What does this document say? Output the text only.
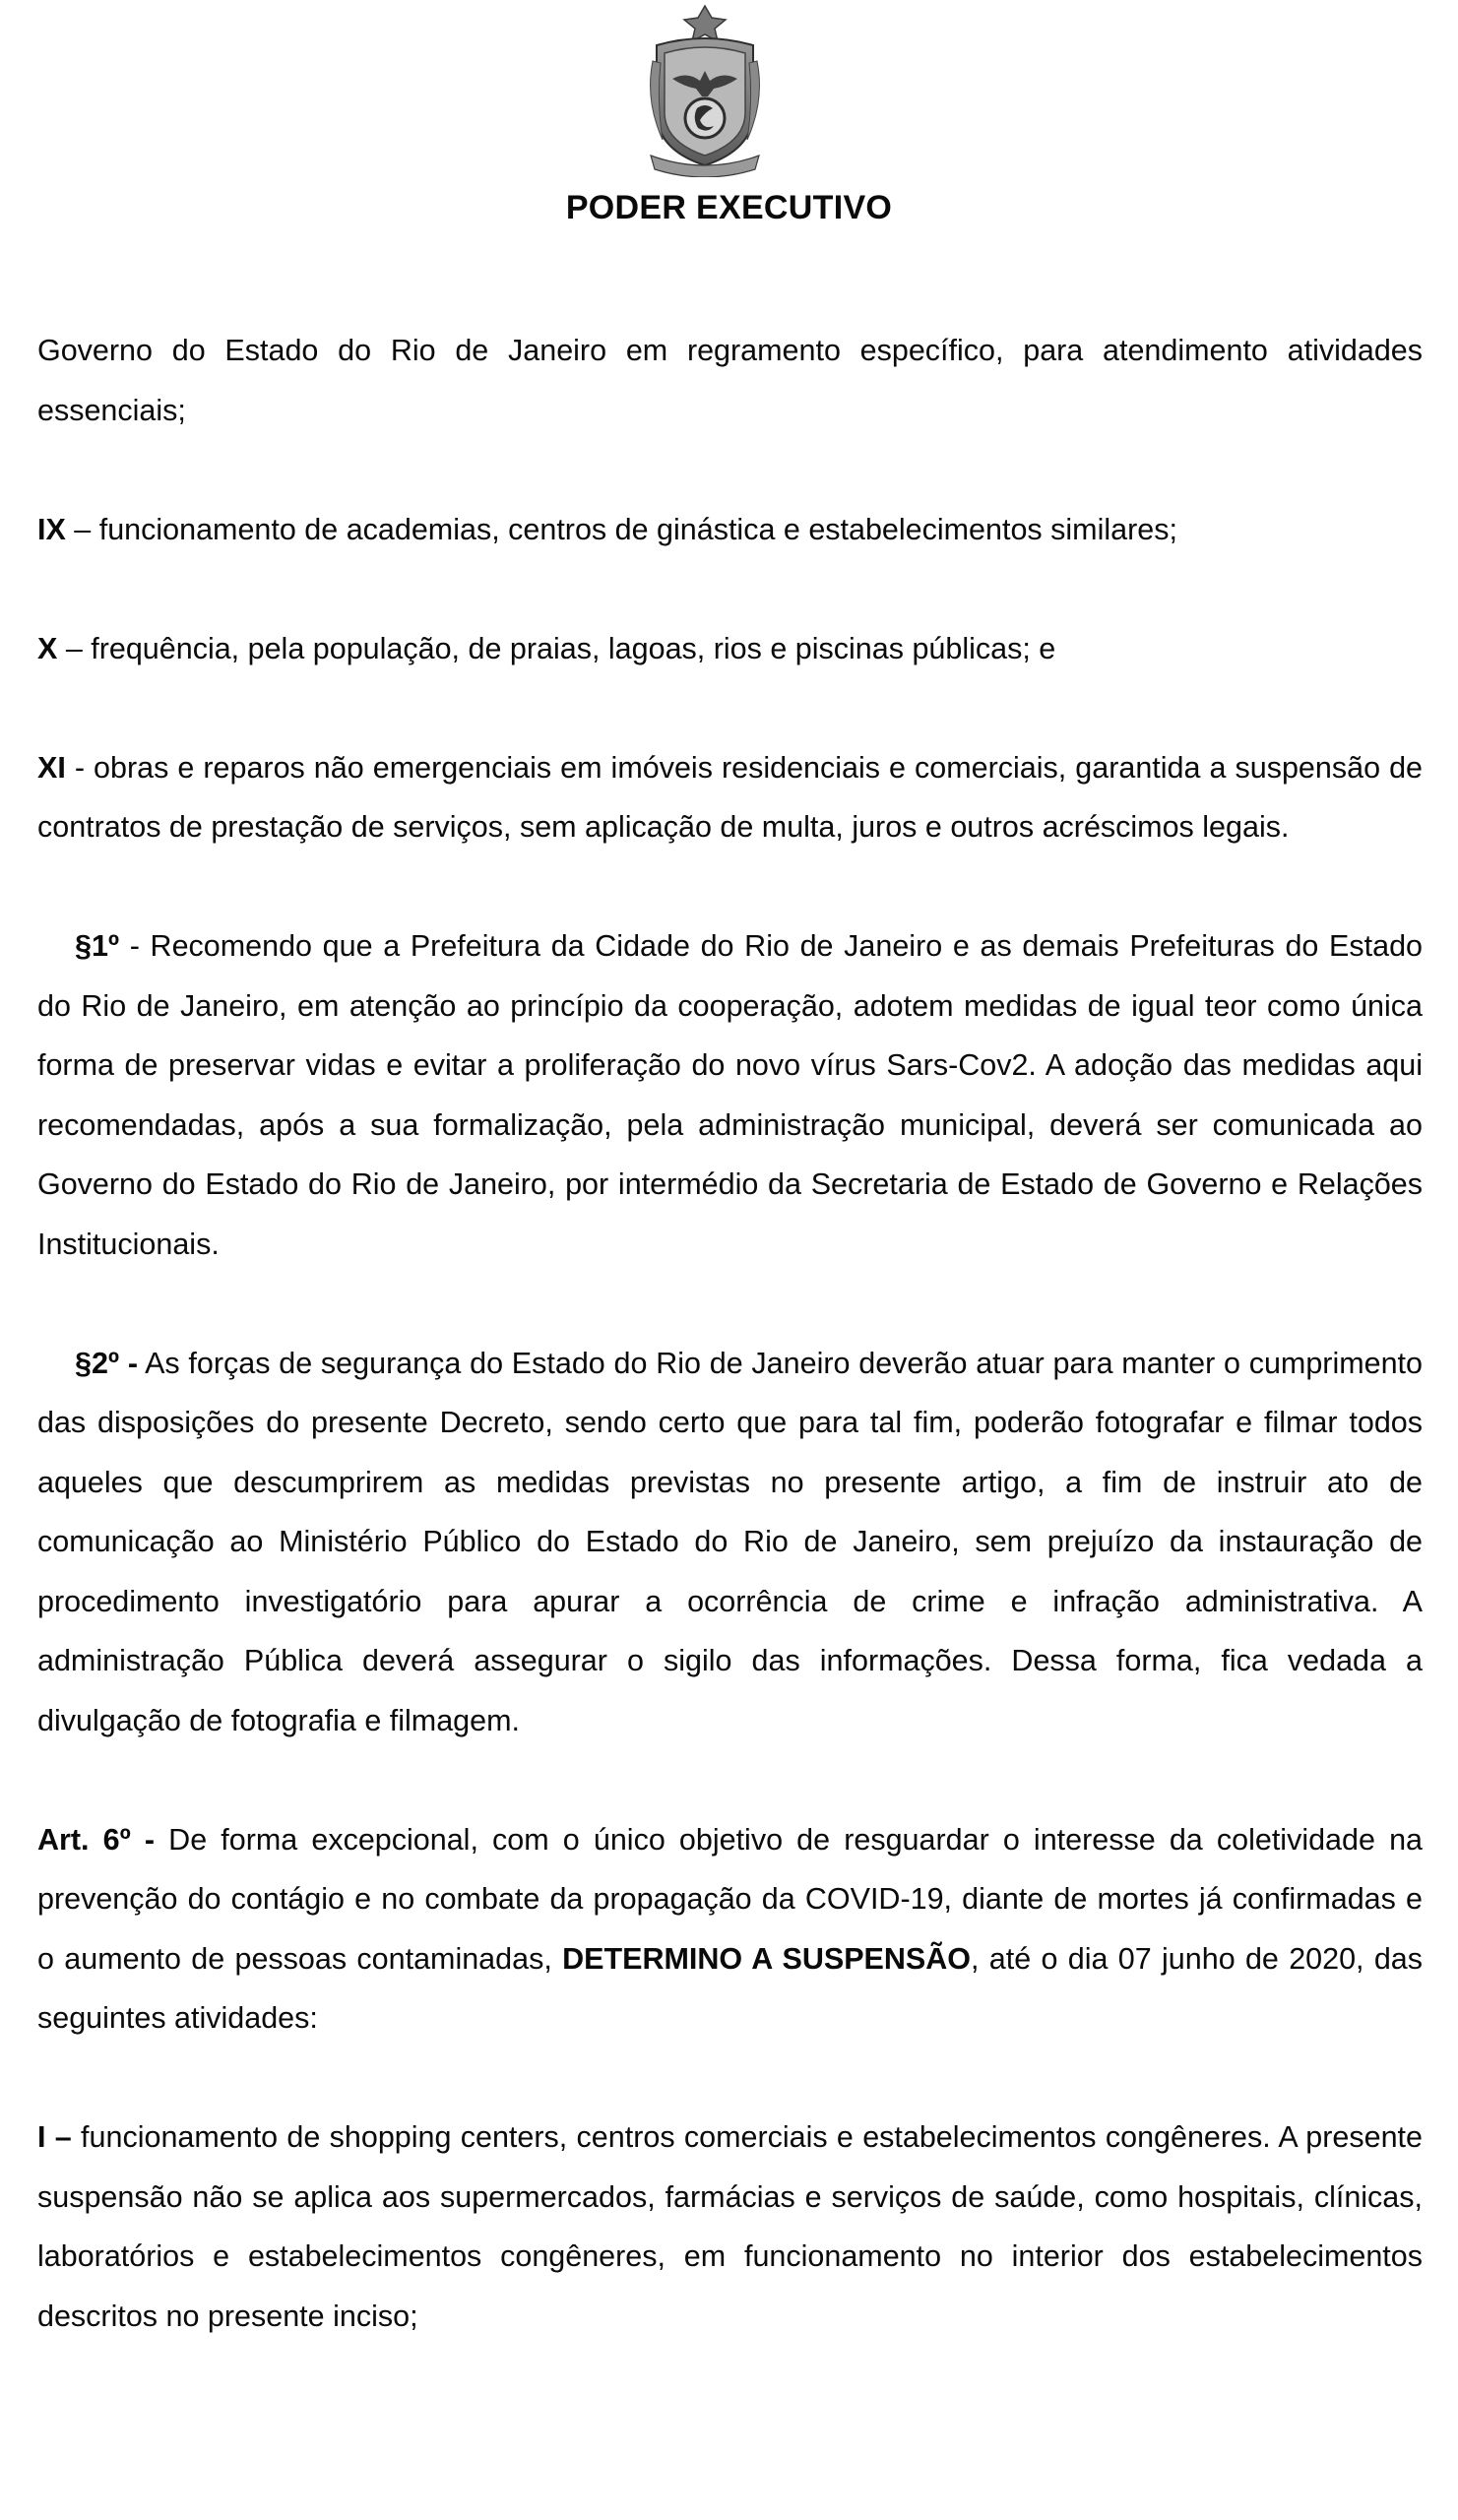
PODER EXECUTIVO

Governo do Estado do Rio de Janeiro em regramento específico, para atendimento atividades essenciais;

IX – funcionamento de academias, centros de ginástica e estabelecimentos similares;

X – frequência, pela população, de praias, lagoas, rios e piscinas públicas; e

XI - obras e reparos não emergenciais em imóveis residenciais e comerciais, garantida a suspensão de contratos de prestação de serviços, sem aplicação de multa, juros e outros acréscimos legais.

§1º - Recomendo que a Prefeitura da Cidade do Rio de Janeiro e as demais Prefeituras do Estado do Rio de Janeiro, em atenção ao princípio da cooperação, adotem medidas de igual teor como única forma de preservar vidas e evitar a proliferação do novo vírus Sars-Cov2. A adoção das medidas aqui recomendadas, após a sua formalização, pela administração municipal, deverá ser comunicada ao Governo do Estado do Rio de Janeiro, por intermédio da Secretaria de Estado de Governo e Relações Institucionais.

§2º - As forças de segurança do Estado do Rio de Janeiro deverão atuar para manter o cumprimento das disposições do presente Decreto, sendo certo que para tal fim, poderão fotografar e filmar todos aqueles que descumprirem as medidas previstas no presente artigo, a fim de instruir ato de comunicação ao Ministério Público do Estado do Rio de Janeiro, sem prejuízo da instauração de procedimento investigatório para apurar a ocorrência de crime e infração administrativa. A administração Pública deverá assegurar o sigilo das informações. Dessa forma, fica vedada a divulgação de fotografia e filmagem.

Art. 6º - De forma excepcional, com o único objetivo de resguardar o interesse da coletividade na prevenção do contágio e no combate da propagação da COVID-19, diante de mortes já confirmadas e o aumento de pessoas contaminadas, DETERMINO A SUSPENSÃO, até o dia 07 junho de 2020, das seguintes atividades:

I – funcionamento de shopping centers, centros comerciais e estabelecimentos congêneres. A presente suspensão não se aplica aos supermercados, farmácias e serviços de saúde, como hospitais, clínicas, laboratórios e estabelecimentos congêneres, em funcionamento no interior dos estabelecimentos descritos no presente inciso;
